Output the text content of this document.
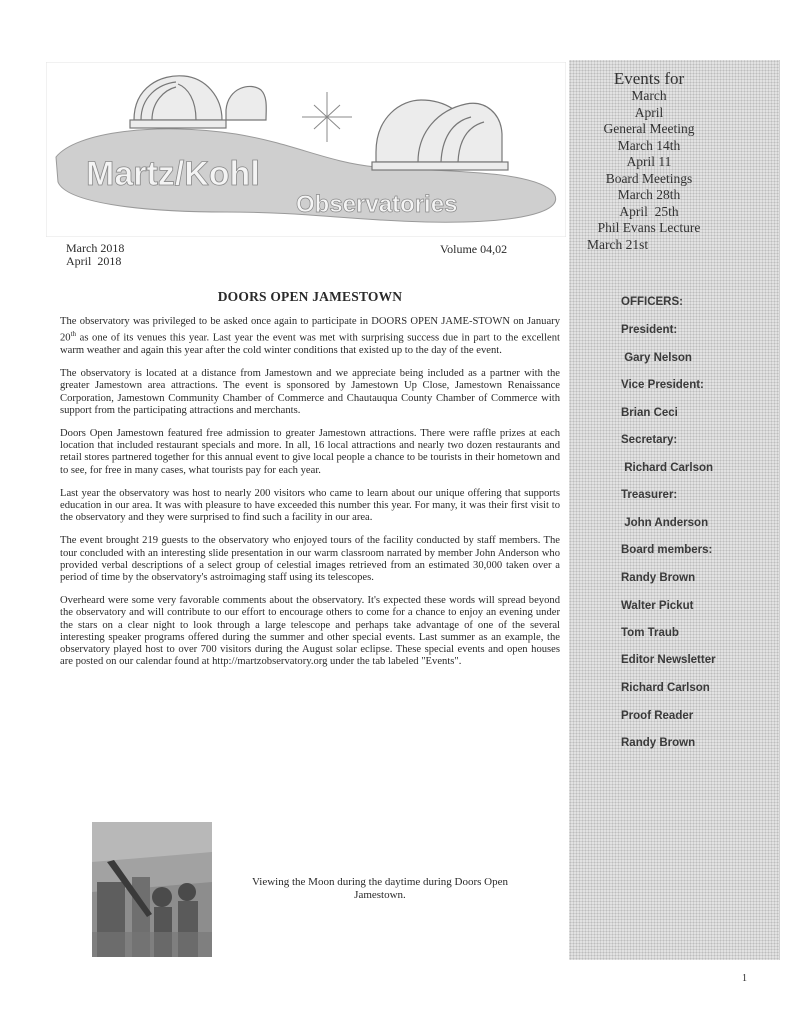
Martz/Kohl
Observatories
March 2018
April  2018
Volume 04,02
DOORS OPEN JAMESTOWN

The observatory was privileged to be asked once again to participate in DOORS OPEN JAME-STOWN on January 20th as one of its venues this year. Last year the event was met with surprising success due in part to the excellent warm weather and again this year after the cold winter conditions that existed up to the day of the event.

The observatory is located at a distance from Jamestown and we appreciate being included as a partner with the greater Jamestown area attractions. The event is sponsored by Jamestown Up Close, Jamestown Renaissance Corporation, Jamestown Community Chamber of Commerce and Chautauqua County Chamber of Commerce with support from the participating attractions and merchants.

Doors Open Jamestown featured free admission to greater Jamestown attractions. There were raffle prizes at each location that included restaurant specials and more. In all, 16 local attractions and nearly two dozen restaurants and retail stores partnered together for this annual event to give local people a chance to be tourists in their hometown and to see, for free in many cases, what tourists pay for each year.

Last year the observatory was host to nearly 200 visitors who came to learn about our unique offering that supports education in our area. It was with pleasure to have exceeded this number this year. For many, it was their first visit to the observatory and they were surprised to find such a facility in our area.

The event brought 219 guests to the observatory who enjoyed tours of the facility conducted by staff members. The tour concluded with an interesting slide presentation in our warm classroom narrated by member John Anderson who provided verbal descriptions of a select group of celestial images retrieved from an estimated 30,000 taken over a period of time by the observatory's astroimaging staff using its telescopes.

Overheard were some very favorable comments about the observatory. It's expected these words will spread beyond the observatory and will contribute to our effort to encourage others to come for a chance to enjoy an evening under the stars on a clear night to look through a large telescope and perhaps take advantage of one of the several interesting speaker programs offered during the summer and other special events. Last summer as an example, the observatory played host to over 700 visitors during the August solar eclipse. These special events and open houses are posted on our calendar found at http://martzobservatory.org under the tab labeled "Events".

Viewing the Moon during the daytime during Doors Open Jamestown.
Events for
March
April
General Meeting
March 14th
April 11
Board Meetings
March 28th
April  25th
Phil Evans Lecture
March 21st
OFFICERS:
President:
Gary Nelson
Vice President:
Brian Ceci
Secretary:
Richard Carlson
Treasurer:
John Anderson
Board members:
Randy Brown
Walter Pickut
Tom Traub
Editor Newsletter
Richard Carlson
Proof Reader
Randy Brown
1
